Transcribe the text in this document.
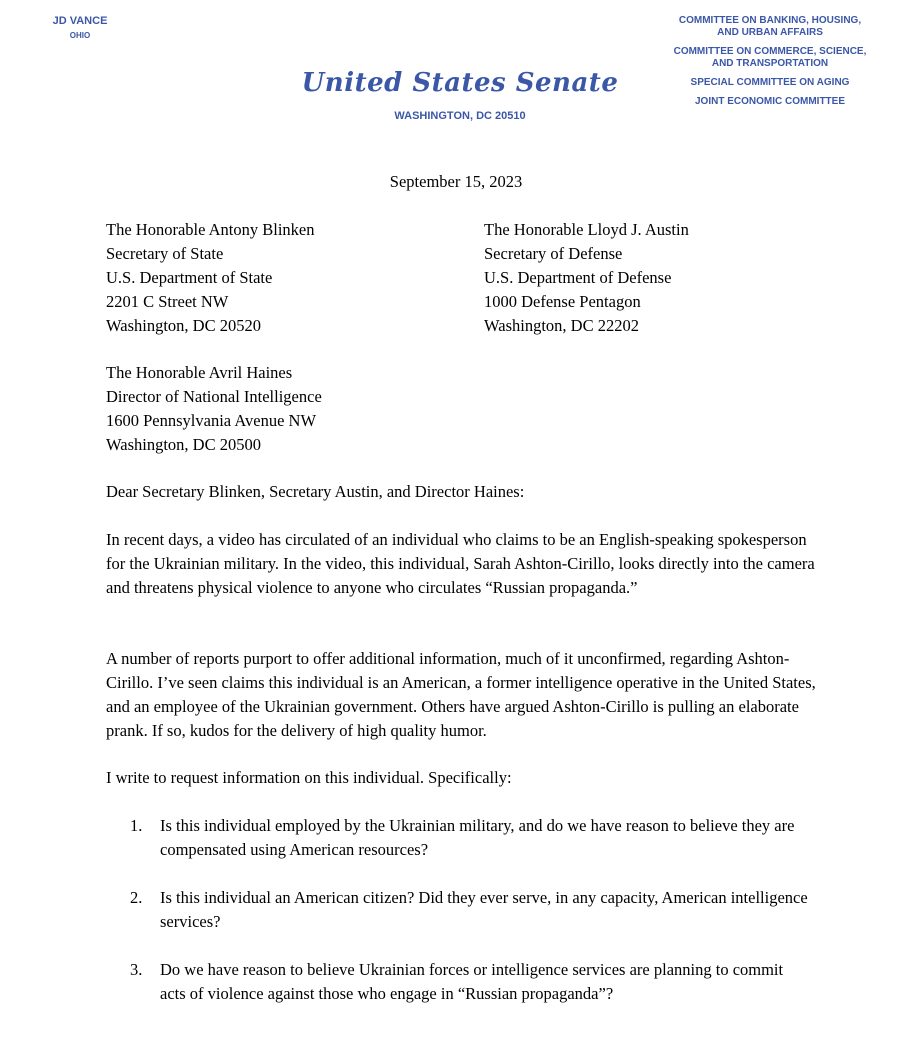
JD VANCE
OHIO
United States Senate
WASHINGTON, DC 20510
COMMITTEE ON BANKING, HOUSING, AND URBAN AFFAIRS
COMMITTEE ON COMMERCE, SCIENCE, AND TRANSPORTATION
SPECIAL COMMITTEE ON AGING
JOINT ECONOMIC COMMITTEE
September 15, 2023
The Honorable Antony Blinken
Secretary of State
U.S. Department of State
2201 C Street NW
Washington, DC 20520
The Honorable Lloyd J. Austin
Secretary of Defense
U.S. Department of Defense
1000 Defense Pentagon
Washington, DC 22202
The Honorable Avril Haines
Director of National Intelligence
1600 Pennsylvania Avenue NW
Washington, DC 20500
Dear Secretary Blinken, Secretary Austin, and Director Haines:
In recent days, a video has circulated of an individual who claims to be an English-speaking spokesperson for the Ukrainian military. In the video, this individual, Sarah Ashton-Cirillo, looks directly into the camera and threatens physical violence to anyone who circulates “Russian propaganda.”
A number of reports purport to offer additional information, much of it unconfirmed, regarding Ashton-Cirillo. I’ve seen claims this individual is an American, a former intelligence operative in the United States, and an employee of the Ukrainian government. Others have argued Ashton-Cirillo is pulling an elaborate prank. If so, kudos for the delivery of high quality humor.
I write to request information on this individual. Specifically:
1. Is this individual employed by the Ukrainian military, and do we have reason to believe they are compensated using American resources?
2. Is this individual an American citizen? Did they ever serve, in any capacity, American intelligence services?
3. Do we have reason to believe Ukrainian forces or intelligence services are planning to commit acts of violence against those who engage in “Russian propaganda”?
